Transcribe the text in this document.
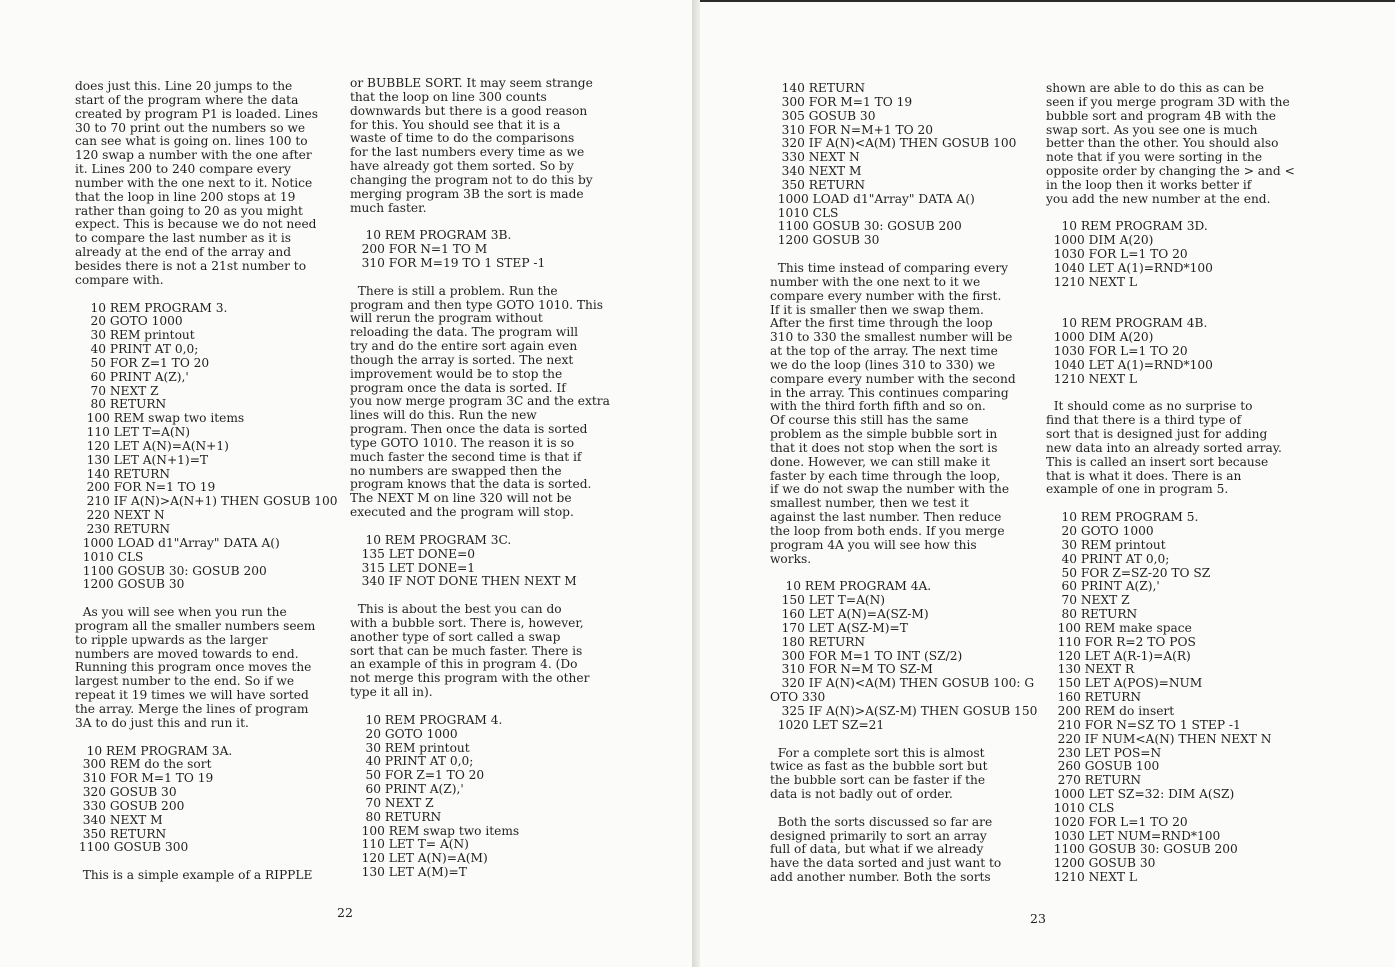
does just this. Line 20 jumps to the

start of the program where the data

created by program P1 is loaded. Lines

30 to 70 print out the numbers so we

can see what is going on. lines 100 to

120 swap a number with the one after

it. Lines 200 to 240 compare every

number with the one next to it. Notice

that the loop in line 200 stops at 19

rather than going to 20 as you might

expect. This is because we do not need

to compare the last number as it is

already at the end of the array and

besides there is not a 21st number to

compare with.

10 REM PROGRAM 3.

20 GOTO 1000

30 REM printout

40 PRINT AT 0,0;

50 FOR Z=1 TO 20

60 PRINT A(Z),'

70 NEXT Z

80 RETURN

100 REM swap two items

110 LET T=A(N)

120 LET A(N)=A(N+1)

130 LET A(N+1)=T

140 RETURN

200 FOR N=1 TO 19

210 IF A(N)>A(N+1) THEN GOSUB 100

220 NEXT N

230 RETURN

1000 LOAD d1"Array" DATA A()

1010 CLS

1100 GOSUB 30: GOSUB 200

1200 GOSUB 30

As you will see when you run the

program all the smaller numbers seem

to ripple upwards as the larger

numbers are moved towards to end.

Running this program once moves the

largest number to the end. So if we

repeat it 19 times we will have sorted

the array. Merge the lines of program

3A to do just this and run it.

10 REM PROGRAM 3A.

300 REM do the sort

310 FOR M=1 TO 19

320 GOSUB 30

330 GOSUB 200

340 NEXT M

350 RETURN

1100 GOSUB 300

This is a simple example of a RIPPLE

or BUBBLE SORT. It may seem strange

that the loop on line 300 counts

downwards but there is a good reason

for this. You should see that it is a

waste of time to do the comparisons

for the last numbers every time as we

have already got them sorted. So by

changing the program not to do this by

merging program 3B the sort is made

much faster.

10 REM PROGRAM 3B.

200 FOR N=1 TO M

310 FOR M=19 TO 1 STEP -1

There is still a problem. Run the

program and then type GOTO 1010. This

will rerun the program without

reloading the data. The program will

try and do the entire sort again even

though the array is sorted. The next

improvement would be to stop the

program once the data is sorted. If

you now merge program 3C and the extra

lines will do this. Run the new

program. Then once the data is sorted

type GOTO 1010. The reason it is so

much faster the second time is that if

no numbers are swapped then the

program knows that the data is sorted.

The NEXT M on line 320 will not be

executed and the program will stop.

10 REM PROGRAM 3C.

135 LET DONE=0

315 LET DONE=1

340 IF NOT DONE THEN NEXT M

This is about the best you can do

with a bubble sort. There is, however,

another type of sort called a swap

sort that can be much faster. There is

an example of this in program 4. (Do

not merge this program with the other

type it all in).

10 REM PROGRAM 4.

20 GOTO 1000

30 REM printout

40 PRINT AT 0,0;

50 FOR Z=1 TO 20

60 PRINT A(Z),'

70 NEXT Z

80 RETURN

100 REM swap two items

110 LET T= A(N)

120 LET A(N)=A(M)

130 LET A(M)=T

22

140 RETURN

300 FOR M=1 TO 19

305 GOSUB 30

310 FOR N=M+1 TO 20

320 IF A(N)<A(M) THEN GOSUB 100

330 NEXT N

340 NEXT M

350 RETURN

1000 LOAD d1"Array" DATA A()

1010 CLS

1100 GOSUB 30: GOSUB 200

1200 GOSUB 30

This time instead of comparing every

number with the one next to it we

compare every number with the first.

If it is smaller then we swap them.

After the first time through the loop

310 to 330 the smallest number will be

at the top of the array. The next time

we do the loop (lines 310 to 330) we

compare every number with the second

in the array. This continues comparing

with the third forth fifth and so on.

Of course this still has the same

problem as the simple bubble sort in

that it does not stop when the sort is

done. However, we can still make it

faster by each time through the loop,

if we do not swap the number with the

smallest number, then we test it

against the last number. Then reduce

the loop from both ends. If you merge

program 4A you will see how this

works.

10 REM PROGRAM 4A.

150 LET T=A(N)

160 LET A(N)=A(SZ-M)

170 LET A(SZ-M)=T

180 RETURN

300 FOR M=1 TO INT (SZ/2)

310 FOR N=M TO SZ-M

320 IF A(N)<A(M) THEN GOSUB 100: G

OTO 330

325 IF A(N)>A(SZ-M) THEN GOSUB 150

1020 LET SZ=21

For a complete sort this is almost

twice as fast as the bubble sort but

the bubble sort can be faster if the

data is not badly out of order.

Both the sorts discussed so far are

designed primarily to sort an array

full of data, but what if we already

have the data sorted and just want to

add another number. Both the sorts

shown are able to do this as can be

seen if you merge program 3D with the

bubble sort and program 4B with the

swap sort. As you see one is much

better than the other. You should also

note that if you were sorting in the

opposite order by changing the > and <

in the loop then it works better if

you add the new number at the end.

10 REM PROGRAM 3D.

1000 DIM A(20)

1030 FOR L=1 TO 20

1040 LET A(1)=RND*100

1210 NEXT L

10 REM PROGRAM 4B.

1000 DIM A(20)

1030 FOR L=1 TO 20

1040 LET A(1)=RND*100

1210 NEXT L

It should come as no surprise to

find that there is a third type of

sort that is designed just for adding

new data into an already sorted array.

This is called an insert sort because

that is what it does. There is an

example of one in program 5.

10 REM PROGRAM 5.

20 GOTO 1000

30 REM printout

40 PRINT AT 0,0;

50 FOR Z=SZ-20 TO SZ

60 PRINT A(Z),'

70 NEXT Z

80 RETURN

100 REM make space

110 FOR R=2 TO POS

120 LET A(R-1)=A(R)

130 NEXT R

150 LET A(POS)=NUM

160 RETURN

200 REM do insert

210 FOR N=SZ TO 1 STEP -1

220 IF NUM<A(N) THEN NEXT N

230 LET POS=N

260 GOSUB 100

270 RETURN

1000 LET SZ=32: DIM A(SZ)

1010 CLS

1020 FOR L=1 TO 20

1030 LET NUM=RND*100

1100 GOSUB 30: GOSUB 200

1200 GOSUB 30

1210 NEXT L

23
